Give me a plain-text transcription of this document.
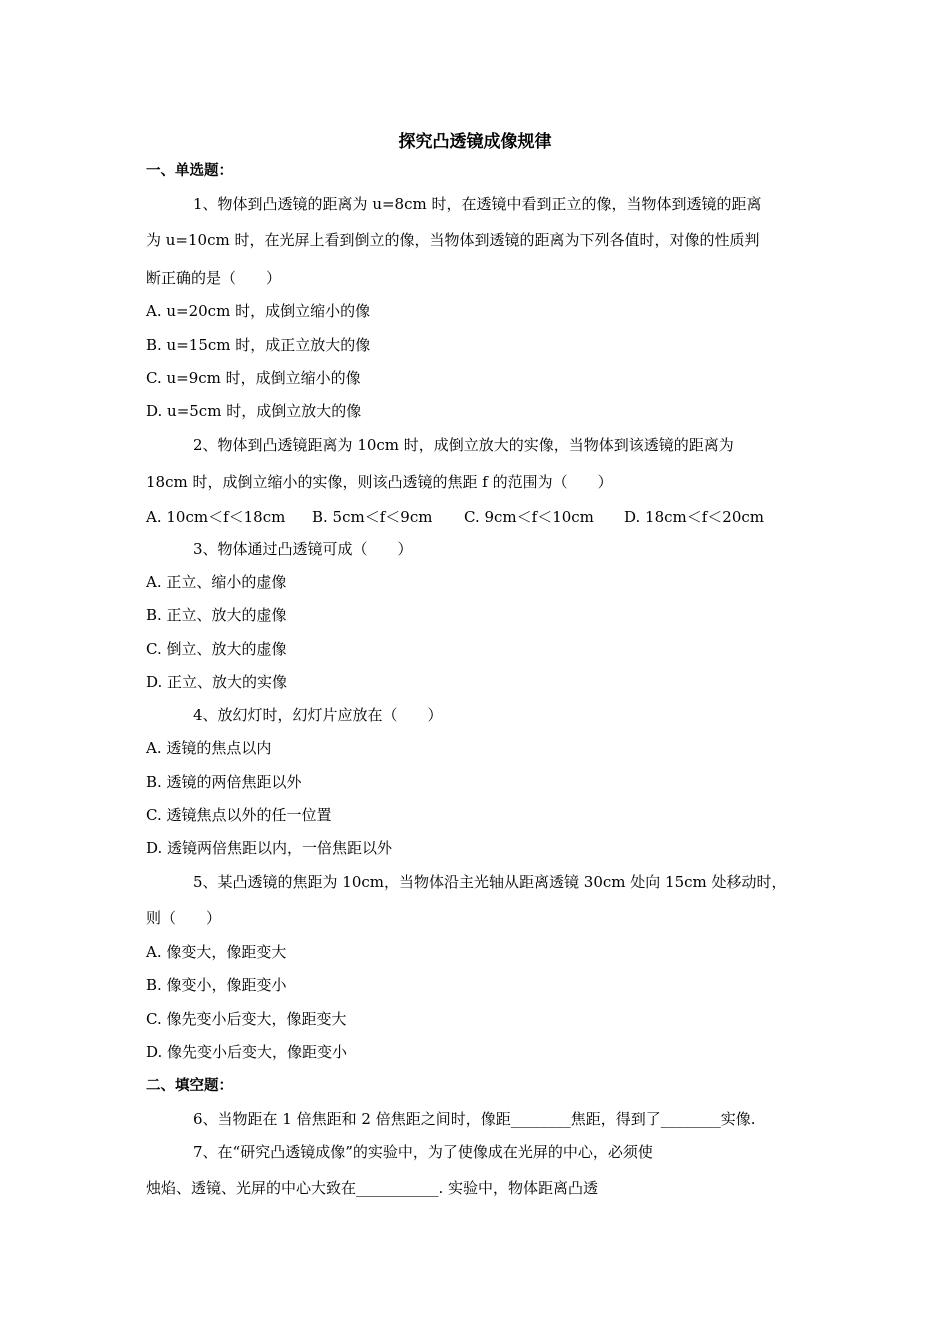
探究凸透镜成像规律
一、单选题：
1、物体到凸透镜的距离为 u=8cm 时，在透镜中看到正立的像，当物体到透镜的距离
为 u=10cm 时，在光屏上看到倒立的像，当物体到透镜的距离为下列各值时，对像的性质判
断正确的是（　　）
A. u=20cm 时，成倒立缩小的像
B. u=15cm 时，成正立放大的像
C. u=9cm 时，成倒立缩小的像
D. u=5cm 时，成倒立放大的像
2、物体到凸透镜距离为 10cm 时，成倒立放大的实像，当物体到该透镜的距离为
18cm 时，成倒立缩小的实像，则该凸透镜的焦距 f 的范围为（　　）
A. 10cm＜f＜18cm B. 5cm＜f＜9cm C. 9cm＜f＜10cm D. 18cm＜f＜20cm
3、物体通过凸透镜可成（　　）
A. 正立、缩小的虚像
B. 正立、放大的虚像
C. 倒立、放大的虚像
D. 正立、放大的实像
4、放幻灯时，幻灯片应放在（　　）
A. 透镜的焦点以内
B. 透镜的两倍焦距以外
C. 透镜焦点以外的任一位置
D. 透镜两倍焦距以内，一倍焦距以外
5、某凸透镜的焦距为 10cm，当物体沿主光轴从距离透镜 30cm 处向 15cm 处移动时，
则（　　）
A. 像变大，像距变大
B. 像变小，像距变小
C. 像先变小后变大，像距变大
D. 像先变小后变大，像距变小
二、填空题：
6、当物距在 1 倍焦距和 2 倍焦距之间时，像距________焦距，得到了________实像.
7、在“研究凸透镜成像”的实验中，为了使像成在光屏的中心，必须使
烛焰、透镜、光屏的中心大致在___________. 实验中，物体距离凸透
